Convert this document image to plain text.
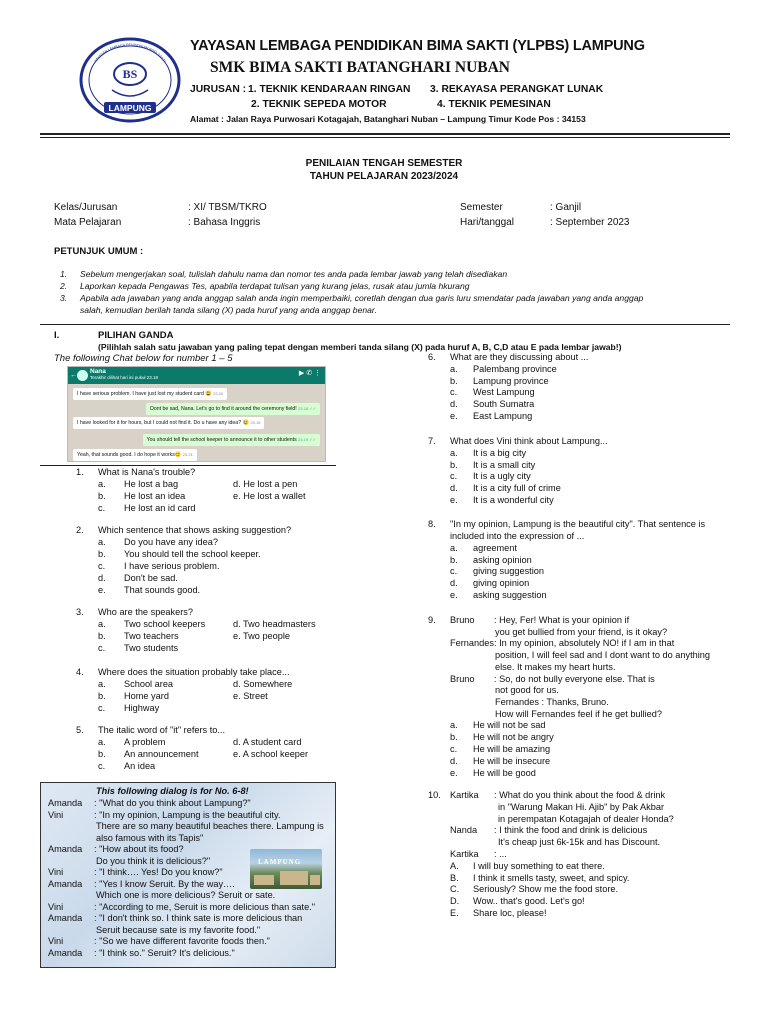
BS
LAMPUNG
YAYASAN LEMBAGA PENDIDIKAN BIMA SAKTI
YAYASAN LEMBAGA PENDIDIKAN BIMA SAKTI (YLPBS) LAMPUNG
SMK BIMA SAKTI BATANGHARI NUBAN
JURUSAN : 1. TEKNIK KENDARAAN RINGAN 3. REKAYASA PERANGKAT LUNAK
2. TEKNIK SEPEDA MOTOR	4. TEKNIK PEMESINAN
Alamat : Jalan Raya Purwosari Kotagajah, Batanghari Nuban – Lampung Timur Kode Pos : 34153
PENILAIAN TENGAH SEMESTER
TAHUN PELAJARAN 2023/2024
Kelas/Jurusan	: XI/ TBSM/TKRO
Mata Pelajaran	: Bahasa Inggris
Semester	: Ganjil
Hari/tanggal	: September 2023
PETUNJUK UMUM :
1. Sebelum mengerjakan soal, tulislah dahulu nama dan nomor tes anda pada lembar jawab yang telah disediakan
2. Laporkan kepada Pengawas Tes, apabila terdapat tulisan yang kurang jelas, rusak atau jumla hkurang
3. Apabila ada jawaban yang anda anggap salah anda ingin memperbaiki, coretlah dengan dua garis luru smendatar pada jawaban yang anda anggap
salah, kemudian berilah tanda silang (X) pada huruf yang anda anggap benar.
I.	PILIHAN GANDA
(Pilihlah salah satu jawaban yang paling tepat dengan memberi tanda silang (X) pada huruf A, B, C,D atau E pada lembar jawab!)
The following Chat below for number 1 – 5
←
Nana
Terakhir dilihat hari ini pukul 23.18
▶ ✆ ⋮
I have serious problem. I have just lost my student card 😩 23.20
Dont be sad, Nana. Let's go to find it around the ceremony field! 23.18 ✓✓
I have looked for it for hours, but I could not find it. Do u have any idea? 😢 23.18
You should tell the school keeper to announce it to other students 23.19 ✓✓
Yeah, that sounds good. I do hope it works😊 23.21
This following dialog is for No. 6-8!
LAMPUNG
1. What is Nana's trouble?
a. He lost a bag	d. He lost a pen
b. He lost an idea	e. He lost a wallet
c. He lost an id card
2. Which sentence that shows asking suggestion?
a. Do you have any idea?
b. You should tell the school keeper.
c. I have serious problem.
d. Don't be sad.
e. That sounds good.
3. Who are the speakers?
a. Two school keepers	d. Two headmasters
b. Two teachers	e. Two people
c. Two students
4. Where does the situation probably take place...
a. School area	d. Somewhere
b. Home yard	e. Street
c. Highway
5. The italic word of "it" refers to...
a. A problem	d. A student card
b. An announcement	e. A school keeper
c. An idea
Amanda : "What do you think about Lampung?"
Vini	: "In my opinion, Lampung is the beautiful city.
There are so many beautiful beaches there. Lampung is
also famous with its Tapis"
Amanda : "How about its food?
Do you think it is delicious?"
Vini	: "I think…. Yes! Do you know?"
Amanda : "Yes I know Seruit. By the way….
Which one is more delicious? Seruit or sate.
Vini	: "According to me, Seruit is more delicious than sate."
Amanda : "I don't think so. I think sate is more delicious than
Seruit because sate is my favorite food."
Vini	: "So we have different favorite foods then."
Amanda : "I think so." Seruit? It's delicious."
6. What are they discussing about ...
a. Palembang province
b. Lampung province
c. West Lampung
d. South Sumatra
e. East Lampung
7. What does Vini think about Lampung...
a. It is a big city
b. It is a small city
c. It is a ugly city
d. It is a city full of crime
e. It is a wonderful city
8. "In my opinion, Lampung is the beautiful city". That sentence is
included into the expression of ...
a. agreement
b. asking opinion
c. giving suggestion
d. giving opinion
e. asking suggestion
9. Bruno : Hey, Fer! What is your opinion if
you get bullied from your friend, is it okay?
Fernandes : In my opinion, absolutely NO! if I am in that
position, I will feel sad and I dont want to do anything
else. It makes my heart hurts.
Bruno : So, do not bully everyone else. That is
not good for us.
Fernandes : Thanks, Bruno.
How will Fernandes feel if he get bullied?
a. He will not be sad
b. He will not be angry
c. He will be amazing
d. He will be insecure
e. He will be good
10. Kartika : What do you think about the food & drink
in "Warung Makan Hi. Ajib" by Pak Akbar
in perempatan Kotagajah of dealer Honda?
Nanda : I think the food and drink is delicious
It's cheap just 6k-15k and has Discount.
Kartika : ...
A. I will buy something to eat there.
B. I think it smells tasty, sweet, and spicy.
C. Seriously? Show me the food store.
D. Wow.. that's good. Let's go!
E. Share loc, please!
